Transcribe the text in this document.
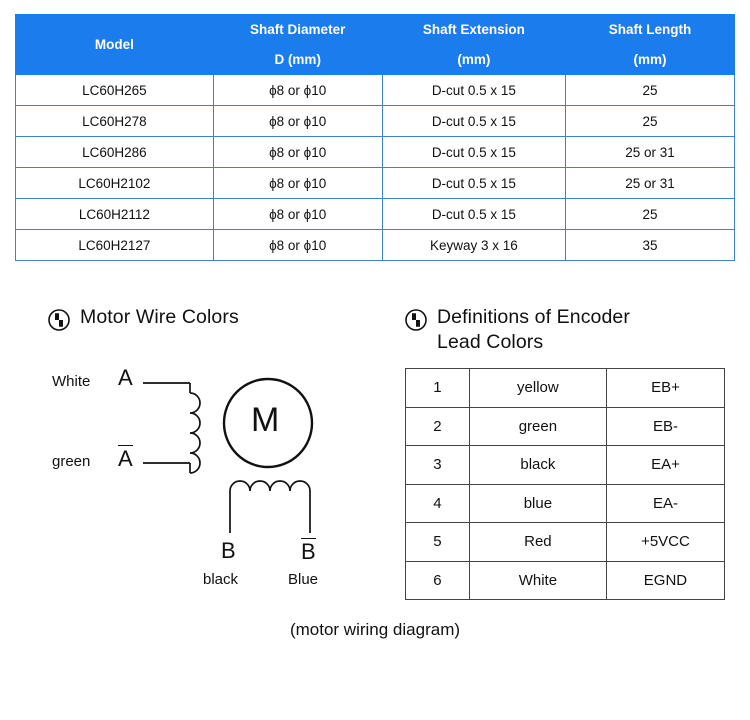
Model	Shaft Diameter	Shaft Extension	Shaft Length
	D (mm)	(mm)	(mm)
LC60H265	ϕ8 or ϕ10	D-cut 0.5 x 15	25
LC60H278	ϕ8 or ϕ10	D-cut 0.5 x 15	25
LC60H286	ϕ8 or ϕ10	D-cut 0.5 x 15	25 or 31
LC60H2102	ϕ8 or ϕ10	D-cut 0.5 x 15	25 or 31
LC60H2112	ϕ8 or ϕ10	D-cut 0.5 x 15	25
LC60H2127	ϕ8 or ϕ10	Keyway 3 x 16	35
Motor Wire Colors
White A
green A
M
B	B
black	Blue
Definitions of Encoder
Lead Colors
1	yellow	EB+
2	green	EB-
3	black	EA+
4	blue	EA-
5	Red	+5VCC
6	White	EGND
(motor wiring diagram)
